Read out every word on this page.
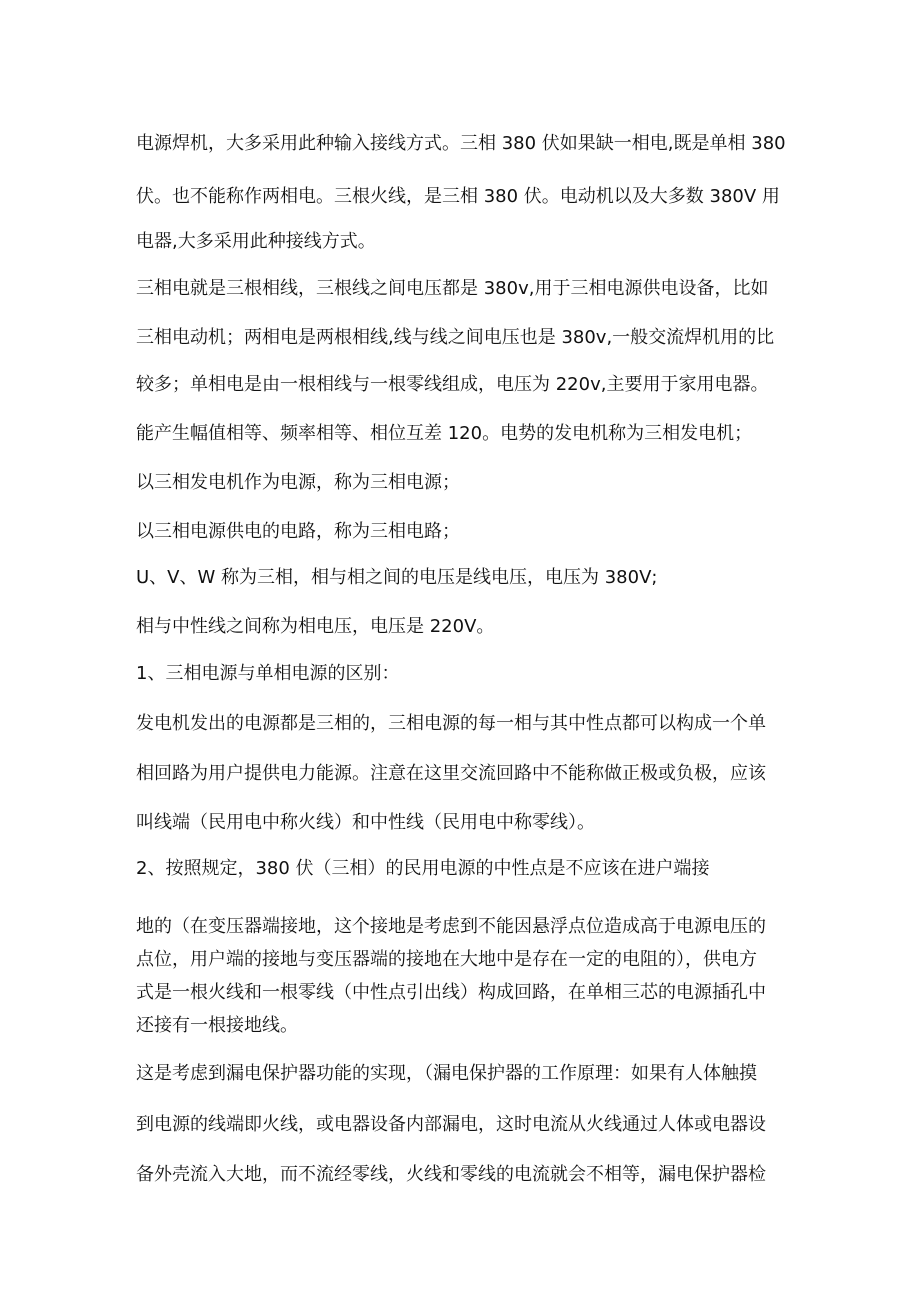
电源焊机，大多采用此种输入接线方式。三相 380 伏如果缺一相电,既是单相 380

伏。也不能称作两相电。三根火线，是三相 380 伏。电动机以及大多数 380V 用

电器,大多采用此种接线方式。

三相电就是三根相线，三根线之间电压都是 380v,用于三相电源供电设备，比如

三相电动机；两相电是两根相线,线与线之间电压也是 380v,一般交流焊机用的比

较多；单相电是由一根相线与一根零线组成，电压为 220v,主要用于家用电器。

能产生幅值相等、频率相等、相位互差 120。电势的发电机称为三相发电机；

以三相发电机作为电源，称为三相电源；

以三相电源供电的电路，称为三相电路；

U、V、W 称为三相，相与相之间的电压是线电压，电压为 380V;

相与中性线之间称为相电压，电压是 220V。

1、三相电源与单相电源的区别：

发电机发出的电源都是三相的，三相电源的每一相与其中性点都可以构成一个单

相回路为用户提供电力能源。注意在这里交流回路中不能称做正极或负极，应该

叫线端（民用电中称火线）和中性线（民用电中称零线）。

2、按照规定，380 伏（三相）的民用电源的中性点是不应该在进户端接

地的（在变压器端接地，这个接地是考虑到不能因悬浮点位造成高于电源电压的

点位，用户端的接地与变压器端的接地在大地中是存在一定的电阻的），供电方

式是一根火线和一根零线（中性点引出线）构成回路，在单相三芯的电源插孔中

还接有一根接地线。

这是考虑到漏电保护器功能的实现，（漏电保护器的工作原理：如果有人体触摸

到电源的线端即火线，或电器设备内部漏电，这时电流从火线通过人体或电器设

备外壳流入大地，而不流经零线，火线和零线的电流就会不相等，漏电保护器检
